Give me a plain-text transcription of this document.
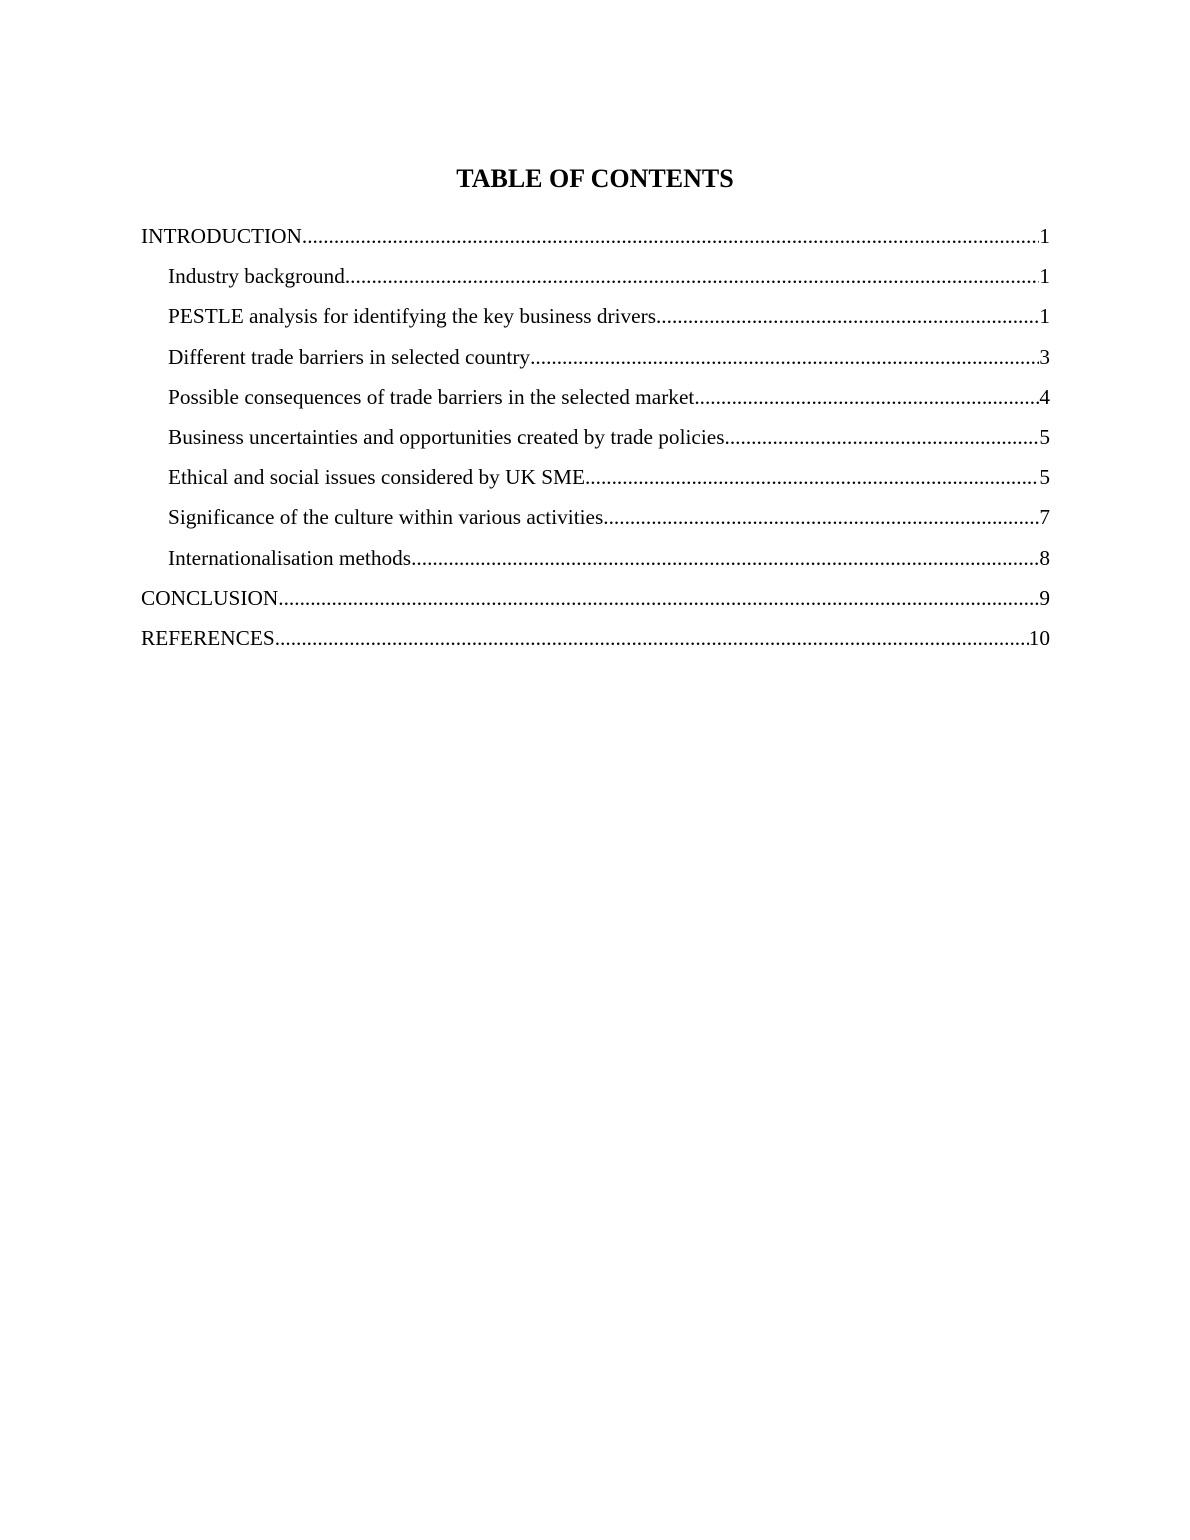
TABLE OF CONTENTS
INTRODUCTION .....	1
Industry background .....	1
PESTLE analysis for identifying the key business drivers .....	1
Different trade barriers in selected country .....	3
Possible consequences of trade barriers in the selected market .....	4
Business uncertainties and opportunities created by trade policies .....	5
Ethical and social issues considered by UK SME .....	5
Significance of the culture within various activities .....	7
Internationalisation methods .....	8
CONCLUSION .....	9
REFERENCES .....	10
